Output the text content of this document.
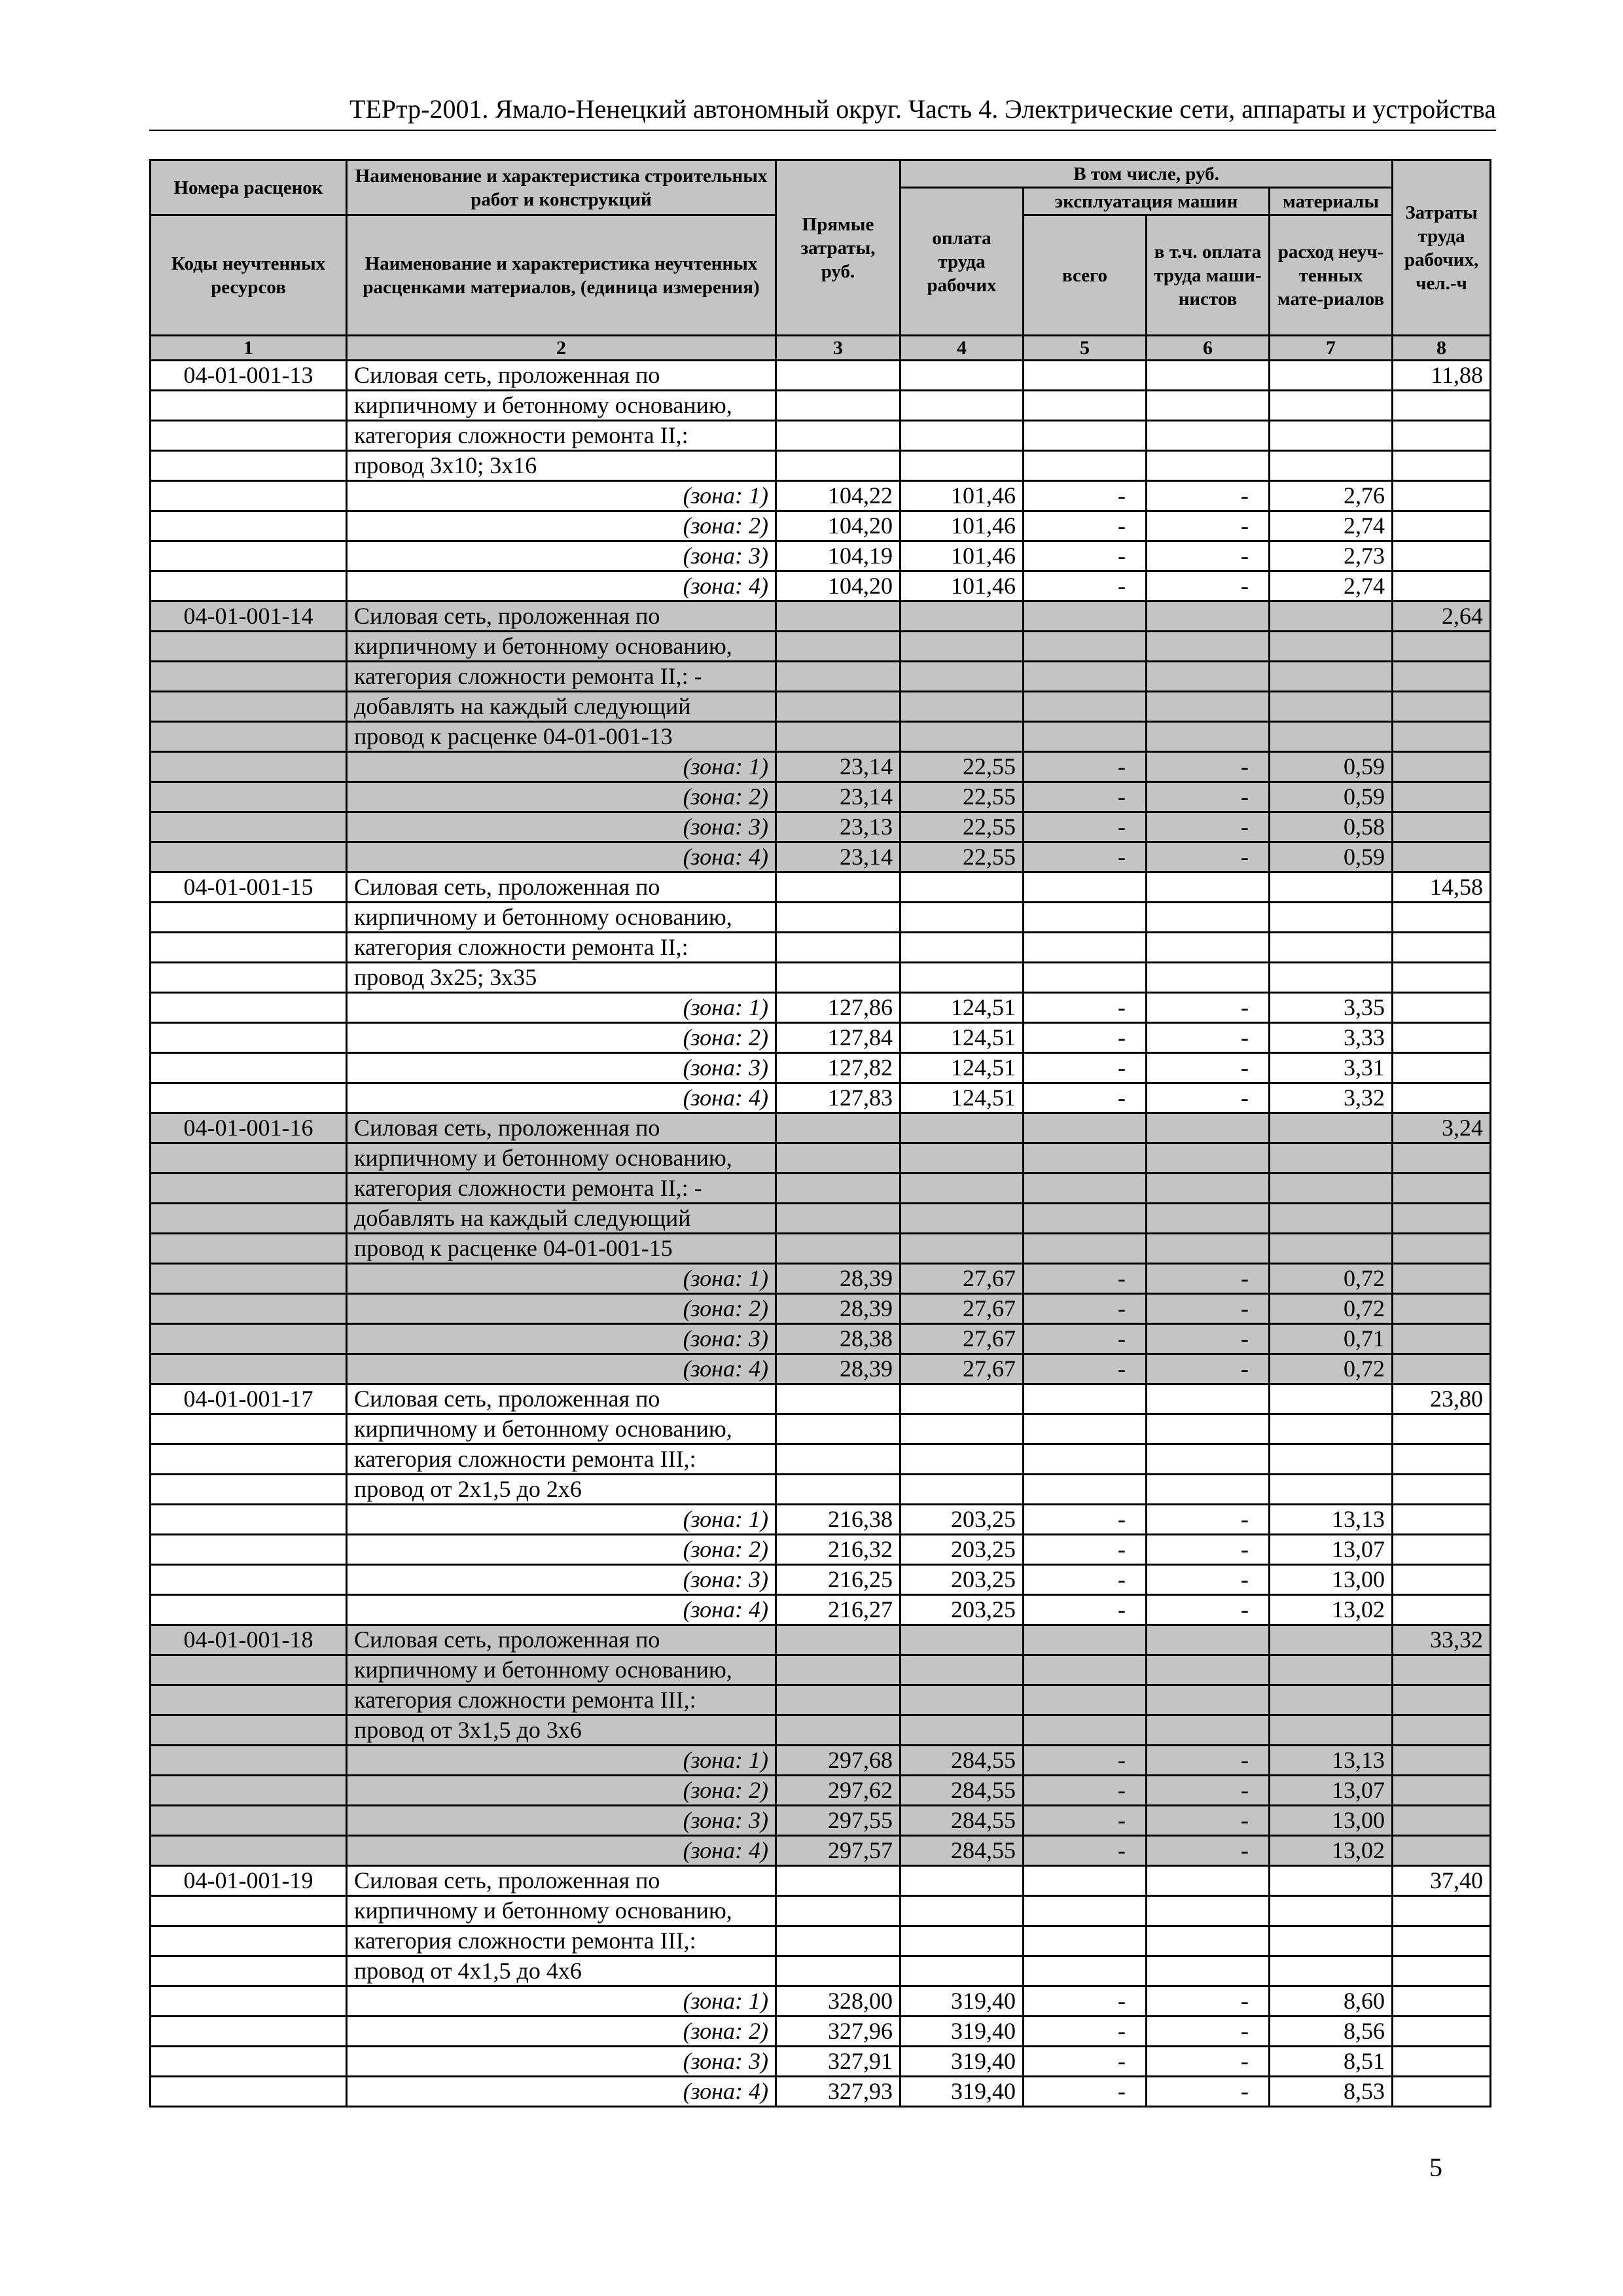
ТЕРтр-2001. Ямало-Ненецкий автономный округ. Часть 4. Электрические сети, аппараты и устройства
Номера расценок	Наименование и характеристика строительных работ и конструкций	Прямые затраты, руб.	В том числе, руб.				Затраты труда рабочих, чел.-ч
			оплата труда рабочих	эксплуатация машин		материалы	
Коды неучтенных ресурсов	Наименование и характеристика неучтенных расценками материалов, (единица измерения)			всего	в т.ч. оплата труда маши-нистов	расход неуч-тенных мате-риалов	

1	2	3	4	5	6	7	8
04-01-001-13	Силовая сеть, проложенная по						11,88
	кирпичному и бетонному основанию,						
	категория сложности ремонта II,:						
	провод 3х10; 3х16						
	(зона: 1)	104,22	101,46	-	-	2,76	
	(зона: 2)	104,20	101,46	-	-	2,74	
	(зона: 3)	104,19	101,46	-	-	2,73	
	(зона: 4)	104,20	101,46	-	-	2,74	
04-01-001-14	Силовая сеть, проложенная по						2,64
	кирпичному и бетонному основанию,						
	категория сложности ремонта II,: -						
	добавлять на каждый следующий						
	провод к расценке 04-01-001-13						
	(зона: 1)	23,14	22,55	-	-	0,59	
	(зона: 2)	23,14	22,55	-	-	0,59	
	(зона: 3)	23,13	22,55	-	-	0,58	
	(зона: 4)	23,14	22,55	-	-	0,59	
04-01-001-15	Силовая сеть, проложенная по						14,58
	кирпичному и бетонному основанию,						
	категория сложности ремонта II,:						
	провод 3х25; 3х35						
	(зона: 1)	127,86	124,51	-	-	3,35	
	(зона: 2)	127,84	124,51	-	-	3,33	
	(зона: 3)	127,82	124,51	-	-	3,31	
	(зона: 4)	127,83	124,51	-	-	3,32	
04-01-001-16	Силовая сеть, проложенная по						3,24
	кирпичному и бетонному основанию,						
	категория сложности ремонта II,: -						
	добавлять на каждый следующий						
	провод к расценке 04-01-001-15						
	(зона: 1)	28,39	27,67	-	-	0,72	
	(зона: 2)	28,39	27,67	-	-	0,72	
	(зона: 3)	28,38	27,67	-	-	0,71	
	(зона: 4)	28,39	27,67	-	-	0,72	
04-01-001-17	Силовая сеть, проложенная по						23,80
	кирпичному и бетонному основанию,						
	категория сложности ремонта III,:						
	провод от 2х1,5 до 2х6						
	(зона: 1)	216,38	203,25	-	-	13,13	
	(зона: 2)	216,32	203,25	-	-	13,07	
	(зона: 3)	216,25	203,25	-	-	13,00	
	(зона: 4)	216,27	203,25	-	-	13,02	
04-01-001-18	Силовая сеть, проложенная по						33,32
	кирпичному и бетонному основанию,						
	категория сложности ремонта III,:						
	провод от 3х1,5 до 3х6						
	(зона: 1)	297,68	284,55	-	-	13,13	
	(зона: 2)	297,62	284,55	-	-	13,07	
	(зона: 3)	297,55	284,55	-	-	13,00	
	(зона: 4)	297,57	284,55	-	-	13,02	
04-01-001-19	Силовая сеть, проложенная по						37,40
	кирпичному и бетонному основанию,						
	категория сложности ремонта III,:						
	провод от 4х1,5 до 4х6						
	(зона: 1)	328,00	319,40	-	-	8,60	
	(зона: 2)	327,96	319,40	-	-	8,56	
	(зона: 3)	327,91	319,40	-	-	8,51	
	(зона: 4)	327,93	319,40	-	-	8,53	
5
